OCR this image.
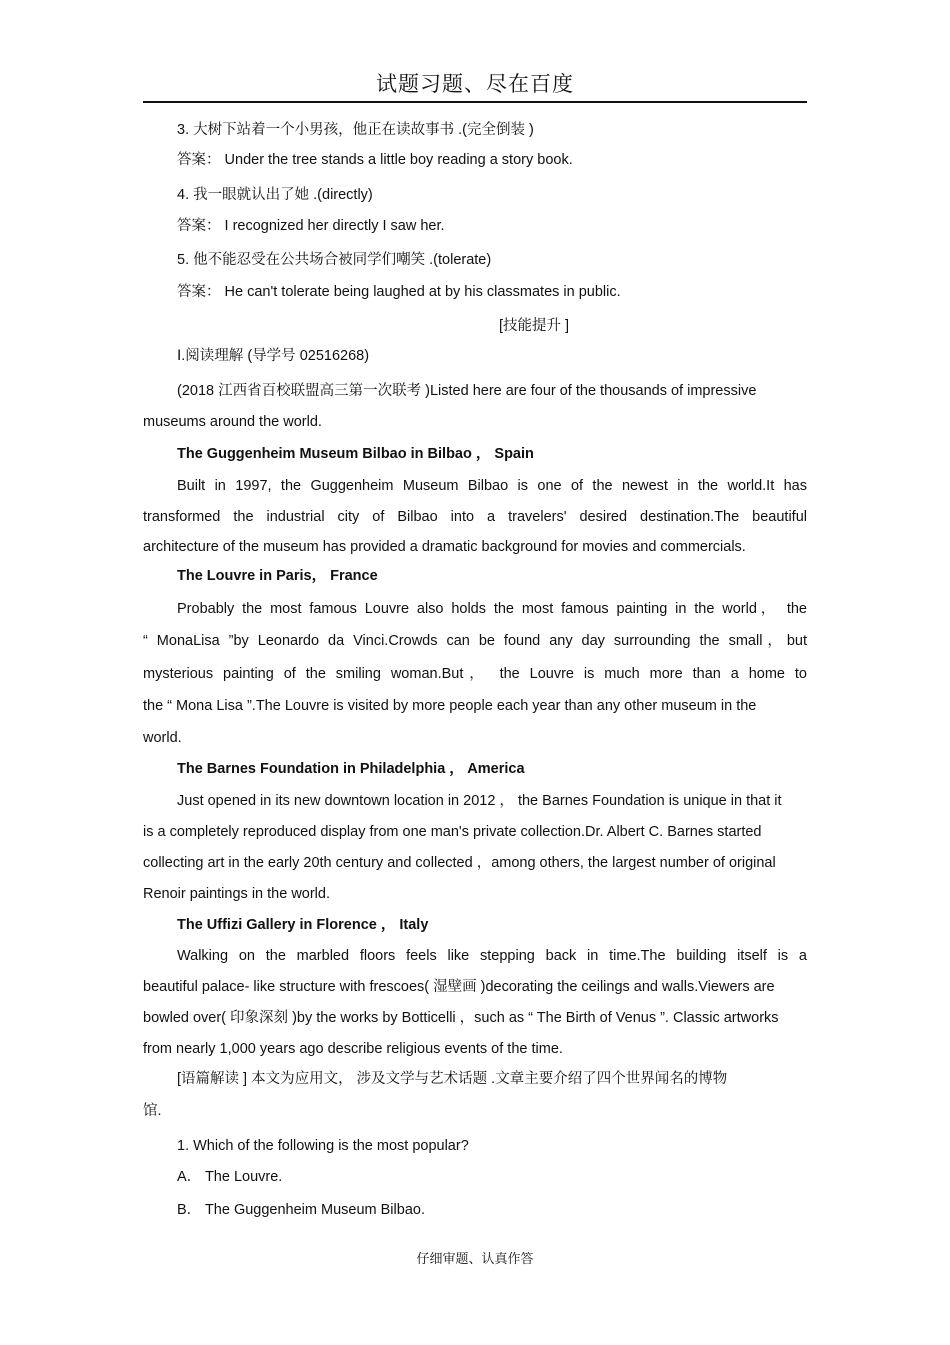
试题习题、尽在百度
3. 大树下站着一个小男孩，他正在读故事书 .(完全倒装 )
答案： Under the tree stands a little boy reading a story book.
4. 我一眼就认出了她 .(directly)
答案： I recognized her directly I saw her.
5. 他不能忍受在公共场合被同学们嘲笑 .(tolerate)
答案： He can't tolerate being laughed at by his classmates in public.
[技能提升 ]
Ⅰ.阅读理解 (导学号 02516268)
(2018 江西省百校联盟高三第一次联考 )Listed here are four of the thousands of impressive
museums around the world.
The Guggenheim Museum Bilbao in Bilbao ， Spain
Built in 1997, the Guggenheim Museum Bilbao is one of the newest in the world.It has
transformed the industrial city of Bilbao into a travelers' desired destination.The beautiful
architecture of the museum has provided a dramatic background for movies and commercials.
The Louvre in Paris， France
Probably the most famous Louvre also holds the most famous painting in the world， the
“ MonaLisa ”by Leonardo da Vinci.Crowds can be found any day surrounding the small，but
mysterious painting of the smiling woman.But， the Louvre is much more than a home to
the “ Mona Lisa ”.The Louvre is visited by more people each year than any other museum in the
world.
The Barnes Foundation in Philadelphia ， America
Just opened in its new downtown location in 2012 ， the Barnes Foundation is unique in that it
is a completely reproduced display from one man's private collection.Dr. Albert C. Barnes started
collecting art in the early 20th century and collected ，among others, the largest number of original
Renoir paintings in the world.
The Uffizi Gallery in Florence ， Italy
Walking on the marbled floors feels like stepping back in time.The building itself is a
beautiful palace- like structure with frescoes( 湿壁画 )decorating the ceilings and walls.Viewers are
bowled over( 印象深刻 )by the works by Botticelli ，such as “ The Birth of Venus ”. Classic artworks
from nearly 1,000 years ago describe religious events of the time.
[语篇解读 ] 本文为应用文， 涉及文学与艺术话题 .文章主要介绍了四个世界闻名的博物
馆.
1. Which of the following is the most popular?
A． The Louvre.
B． The Guggenheim Museum Bilbao.
仔细审题、认真作答
